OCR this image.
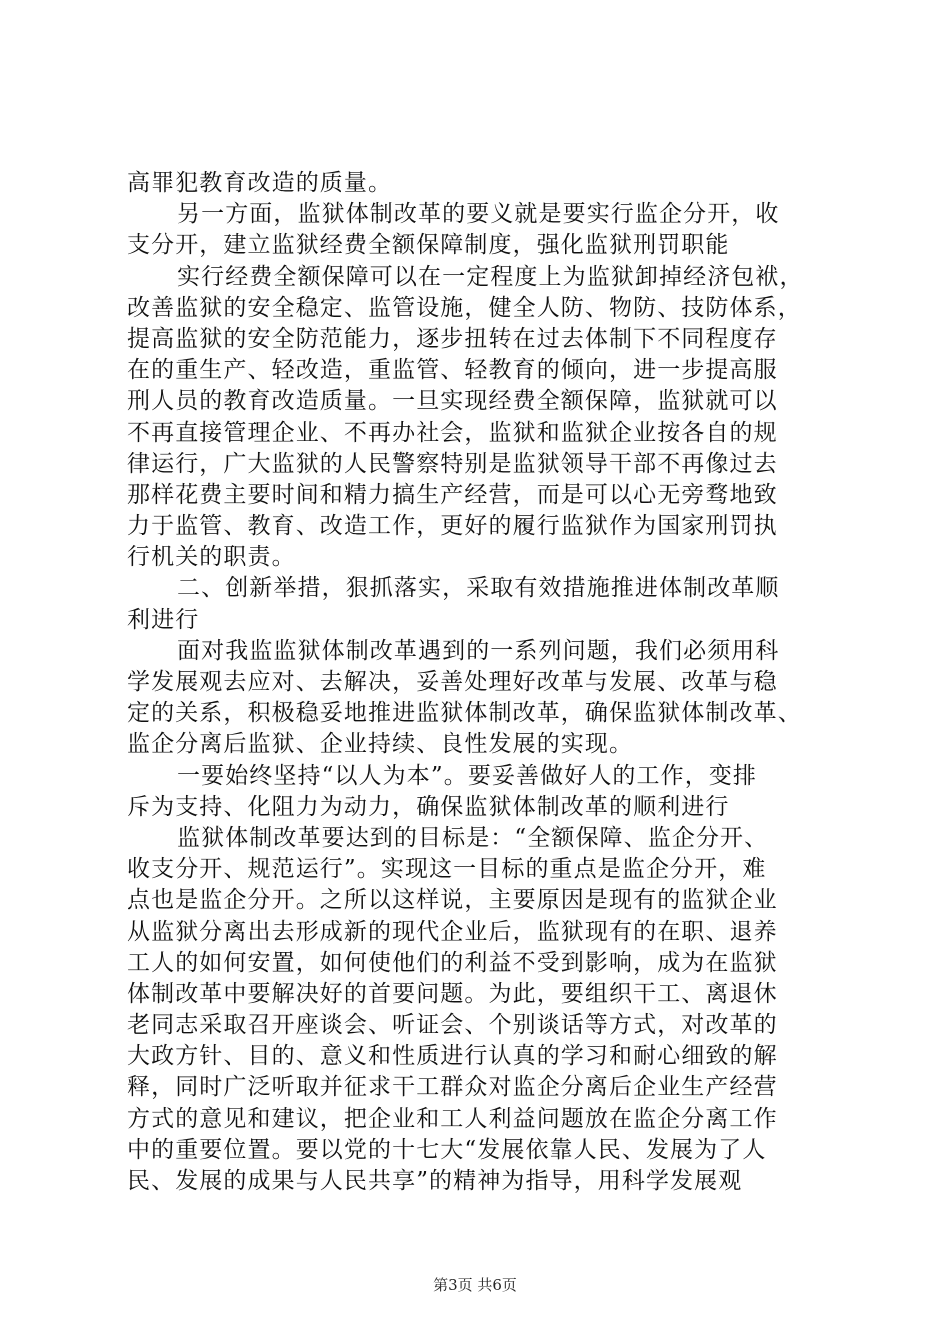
高罪犯教育改造的质量。
另一方面，监狱体制改革的要义就是要实行监企分开，收
支分开，建立监狱经费全额保障制度，强化监狱刑罚职能
实行经费全额保障可以在一定程度上为监狱卸掉经济包袱，
改善监狱的安全稳定、监管设施，健全人防、物防、技防体系，
提高监狱的安全防范能力，逐步扭转在过去体制下不同程度存
在的重生产、轻改造，重监管、轻教育的倾向，进一步提高服
刑人员的教育改造质量。一旦实现经费全额保障，监狱就可以
不再直接管理企业、不再办社会，监狱和监狱企业按各自的规
律运行，广大监狱的人民警察特别是监狱领导干部不再像过去
那样花费主要时间和精力搞生产经营，而是可以心无旁骛地致
力于监管、教育、改造工作，更好的履行监狱作为国家刑罚执
行机关的职责。
二、创新举措，狠抓落实，采取有效措施推进体制改革顺
利进行
面对我监监狱体制改革遇到的一系列问题，我们必须用科
学发展观去应对、去解决，妥善处理好改革与发展、改革与稳
定的关系，积极稳妥地推进监狱体制改革，确保监狱体制改革、
监企分离后监狱、企业持续、良性发展的实现。
一要始终坚持“以人为本”。要妥善做好人的工作，变排
斥为支持、化阻力为动力，确保监狱体制改革的顺利进行
监狱体制改革要达到的目标是：“全额保障、监企分开、
收支分开、规范运行”。实现这一目标的重点是监企分开，难
点也是监企分开。之所以这样说，主要原因是现有的监狱企业
从监狱分离出去形成新的现代企业后，监狱现有的在职、退养
工人的如何安置，如何使他们的利益不受到影响，成为在监狱
体制改革中要解决好的首要问题。为此，要组织干工、离退休
老同志采取召开座谈会、听证会、个别谈话等方式，对改革的
大政方针、目的、意义和性质进行认真的学习和耐心细致的解
释，同时广泛听取并征求干工群众对监企分离后企业生产经营
方式的意见和建议，把企业和工人利益问题放在监企分离工作
中的重要位置。要以党的十七大“发展依靠人民、发展为了人
民、发展的成果与人民共享”的精神为指导，用科学发展观
第3页 共6页
